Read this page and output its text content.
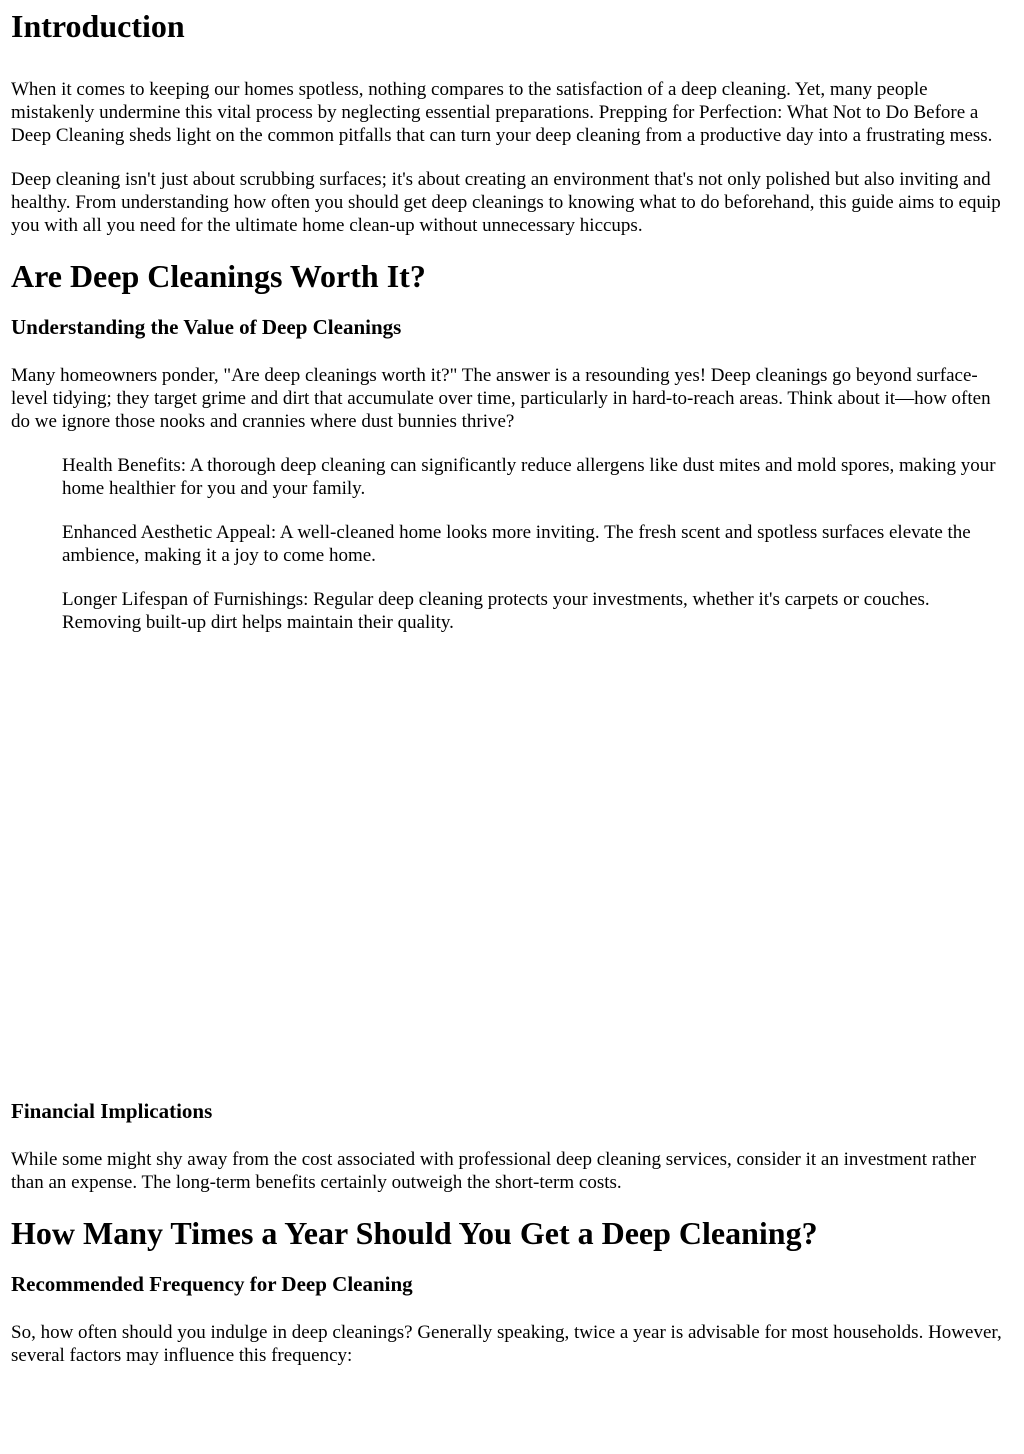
Introduction

When it comes to keeping our homes spotless, nothing compares to the satisfaction of a deep cleaning. Yet, many people mistakenly undermine this vital process by neglecting essential preparations. Prepping for Perfection: What Not to Do Before a Deep Cleaning sheds light on the common pitfalls that can turn your deep cleaning from a productive day into a frustrating mess.

Deep cleaning isn't just about scrubbing surfaces; it's about creating an environment that's not only polished but also inviting and healthy. From understanding how often you should get deep cleanings to knowing what to do beforehand, this guide aims to equip you with all you need for the ultimate home clean-up without unnecessary hiccups.

Are Deep Cleanings Worth It?
Understanding the Value of Deep Cleanings

Many homeowners ponder, "Are deep cleanings worth it?" The answer is a resounding yes! Deep cleanings go beyond surface-level tidying; they target grime and dirt that accumulate over time, particularly in hard-to-reach areas. Think about it—how often do we ignore those nooks and crannies where dust bunnies thrive?

Health Benefits: A thorough deep cleaning can significantly reduce allergens like dust mites and mold spores, making your home healthier for you and your family.
Enhanced Aesthetic Appeal: A well-cleaned home looks more inviting. The fresh scent and spotless surfaces elevate the ambience, making it a joy to come home.
Longer Lifespan of Furnishings: Regular deep cleaning protects your investments, whether it's carpets or couches. Removing built-up dirt helps maintain their quality.
Financial Implications

While some might shy away from the cost associated with professional deep cleaning services, consider it an investment rather than an expense. The long-term benefits certainly outweigh the short-term costs.

How Many Times a Year Should You Get a Deep Cleaning?
Recommended Frequency for Deep Cleaning

So, how often should you indulge in deep cleanings? Generally speaking, twice a year is advisable for most households. However, several factors may influence this frequency:
